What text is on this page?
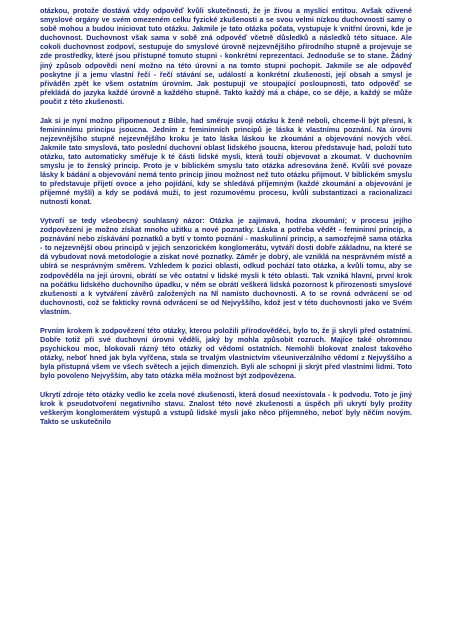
otázkou, protože dostává vždy odpověď kvůli skutečnosti, že je živou a myslící entitou. Avšak oživené smyslové orgány ve svém omezeném celku fyzické zkušenosti a se svou velmi nízkou duchovností samy o sobě mohou a budou iniciovat tuto otázku. Jakmile je tato otázka počata, vystupuje k vnitřní úrovni, kde je duchovnost. Duchovnost však sama v sobě zná odpověď včetně důsledků a následků této situace. Ale cokoli duchovnost zodpoví, sestupuje do smyslové úrovně nejzevnějšího přírodního stupně a projevuje se zde prostředky, které jsou přístupné tomuto stupni - konkrétní reprezentaci. Jednoduše se to stane. Žádný jiný způsob odpovědi není možno na této úrovni a na tomto stupni pochopit. Jakmile se ale odpověď poskytne jí a jemu vlastní řečí - řečí stávání se, událostí a konkrétní zkušenosti, její obsah a smysl je přiváděn zpět ke všem ostatním úrovním. Jak postupují ve stoupající posloupnosti, tato odpověď se překládá do jazyka každé úrovně a každého stupně. Takto každý má a chápe, co se děje, a každý se může poučit z této zkušenosti.

Jak si je nyní možno připomenout z Bible, had směruje svoji otázku k ženě neboli, chceme-li být přesní, k femininnímu principu jsoucna. Jedním z femininních principů je láska k vlastnímu poznání. Na úrovni nejzevnějšího stupně nejzevnějšího kroku je tato láska láskou ke zkoumání a objevování nových věcí. Jakmile tato smyslová, tato poslední duchovní oblast lidského jsoucna, kterou představuje had, položí tuto otázku, tato automaticky směřuje k té části lidské mysli, která touží objevovat a zkoumat. V duchovním smyslu je to ženský princip. Proto je v biblickém smyslu tato otázka adresována ženě. Kvůli své povaze lásky k bádání a objevování nemá tento princip jinou možnost než tuto otázku přijmout. V biblickém smyslu to představuje přijetí ovoce a jeho pojídání, kdy se shledává příjemným (každé zkoumání a objevování je příjemné myšli) a kdy se podává muži, to jest rozumovému procesu, kvůli substantizaci a racionalizaci nutnosti konat.

Vytvoří se tedy všeobecný souhlasný názor: Otázka je zajímavá, hodna zkoumání; v procesu jejího zodpovězení je možno získat mnoho užitku a nové poznatky. Láska a potřeba vědět - femininní princip, a poznávání nebo získávání poznatků a bytí v tomto poznání - maskulinní princip, a samozřejmě sama otázka - to nejzevnější obou principů v jejich senzorickém konglomerátu, vytváří dosti dobře základnu, na které se dá vybudovat nová metodologie a získat nové poznatky. Záměr je dobrý, ale vzniklá na nesprávném místě a ubírá se nesprávným směrem. Vzhledem k pozici oblasti, odkud pochází tato otázka, a kvůli tomu, aby se zodpověděla na její úrovni, obrátí se věc ostatní v lidské mysli k této oblasti. Tak vzniká hlavní, první krok na počátku lidského duchovního úpadku, v něm se obrátí veškerá lidská pozornost k přirozenosti smyslové zkušenosti a k vytváření závěrů založených na NÍ namísto duchovnosti. A to se rovná odvrácení se od duchovnosti, což se fakticky rovná odvrácení se od Nejvyššího, kdož jest v této duchovnosti jako ve Svém vlastním.

Prvním krokem k zodpovězení této otázky, kterou položili přírodověděci, bylo to, že ji skryli před ostatními. Dobře totiž při své duchovní úrovni věděli, jaký by mohla způsobit rozruch. Majíce také ohromnou psychickou moc, blokovali rázný této otázky od vědomí ostatních. Nemohli blokovat znalost takového otázky, neboť hned jak byla vyřčena, stala se trvalým vlastnictvím všeuniverzálního vědomí z Nejvyššího a byla přístupná všem ve všech světech a jejich dimenzích. Byli ale schopni ji skrýt před vlastními lidmi. Toto bylo povoleno Nejvyšším, aby tato otázka měla možnost být zodpovězena.

Ukrytí zdroje této otázky vedlo ke zcela nové zkušenosti, která dosud neexistovala - k podvodu. Toto je jiný krok k pseudotvoření negativního stavu. Znalost této nové zkušenosti a úspěch při ukrytí byly prožity veškerým konglomerátem výstupů a vstupů lidské mysli jako něco příjemného, neboť byly něčím novým. Takto se uskutečnilo
